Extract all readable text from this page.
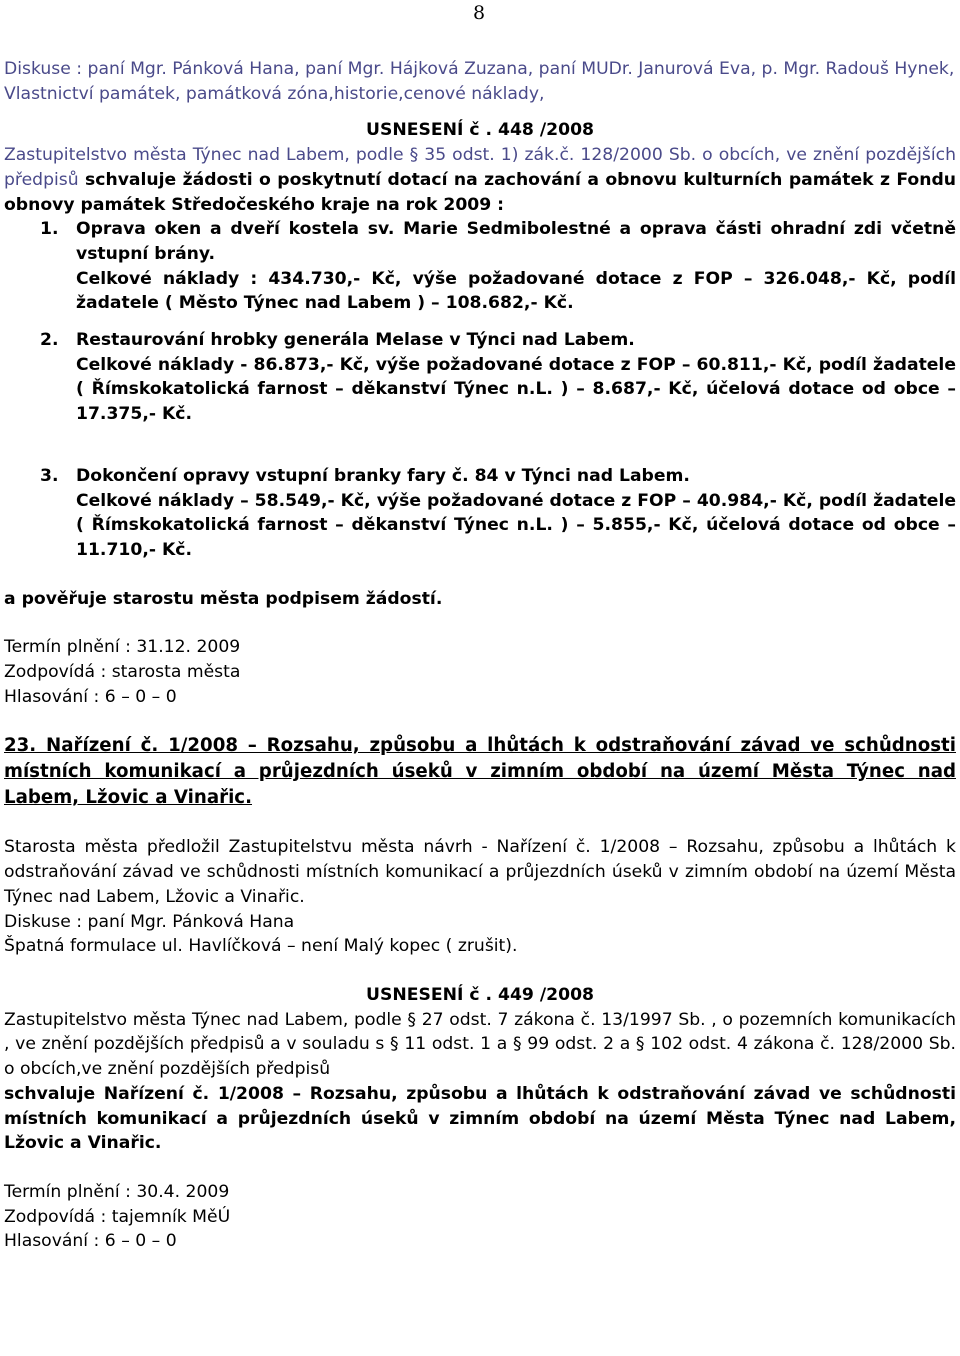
8

Diskuse : paní Mgr. Pánková Hana, paní Mgr. Hájková Zuzana, paní MUDr. Janurová Eva, p. Mgr. Radouš Hynek,

Vlastnictví památek, památková zóna,historie,cenové náklady,

USNESENÍ č . 448 /2008

Zastupitelstvo města Týnec nad Labem, podle § 35 odst. 1) zák.č. 128/2000 Sb. o obcích, ve znění pozdějších předpisů schvaluje žádosti o poskytnutí dotací na zachování a obnovu kulturních památek z Fondu obnovy památek Středočeského kraje na rok 2009 :

1. Oprava oken a dveří kostela sv. Marie Sedmibolestné a oprava části ohradní zdi včetně vstupní brány.

Celkové náklady : 434.730,- Kč, výše požadované dotace z FOP – 326.048,- Kč, podíl žadatele ( Město Týnec nad Labem ) – 108.682,- Kč.

2. Restaurování hrobky generála Melase v Týnci nad Labem.

Celkové náklady - 86.873,- Kč, výše požadované dotace z FOP – 60.811,- Kč, podíl žadatele ( Římskokatolická farnost – děkanství Týnec n.L. ) – 8.687,- Kč, účelová dotace od obce – 17.375,- Kč.

3. Dokončení opravy vstupní branky fary č. 84 v Týnci nad Labem.

Celkové náklady – 58.549,- Kč, výše požadované dotace z FOP – 40.984,- Kč, podíl žadatele ( Římskokatolická farnost – děkanství Týnec n.L. ) – 5.855,- Kč, účelová dotace od obce – 11.710,- Kč.

a pověřuje starostu města podpisem žádostí.

Termín plnění : 31.12. 2009

Zodpovídá : starosta města

Hlasování : 6 – 0 – 0

23. Nařízení č. 1/2008 – Rozsahu, způsobu a lhůtách k odstraňování závad ve schůdnosti místních komunikací a průjezdních úseků v zimním období na území Města Týnec nad Labem, Lžovic a Vinařic.

Starosta města předložil Zastupitelstvu města návrh - Nařízení č. 1/2008 – Rozsahu, způsobu a lhůtách k odstraňování závad ve schůdnosti místních komunikací a průjezdních úseků v zimním období na území Města Týnec nad Labem, Lžovic a Vinařic.

Diskuse : paní Mgr. Pánková Hana

Špatná formulace ul. Havlíčková – není Malý kopec ( zrušit).

USNESENÍ č . 449 /2008

Zastupitelstvo města Týnec nad Labem, podle § 27 odst. 7 zákona č. 13/1997 Sb. , o pozemních komunikacích , ve znění pozdějších předpisů a v souladu s § 11 odst. 1 a § 99 odst. 2 a § 102 odst. 4 zákona č. 128/2000 Sb. o obcích,ve znění pozdějších předpisů

schvaluje Nařízení č. 1/2008 – Rozsahu, způsobu a lhůtách k odstraňování závad ve schůdnosti místních komunikací a průjezdních úseků v zimním období na území Města Týnec nad Labem, Lžovic a Vinařic.

Termín plnění : 30.4. 2009

Zodpovídá : tajemník MěÚ

Hlasování : 6 – 0 – 0
